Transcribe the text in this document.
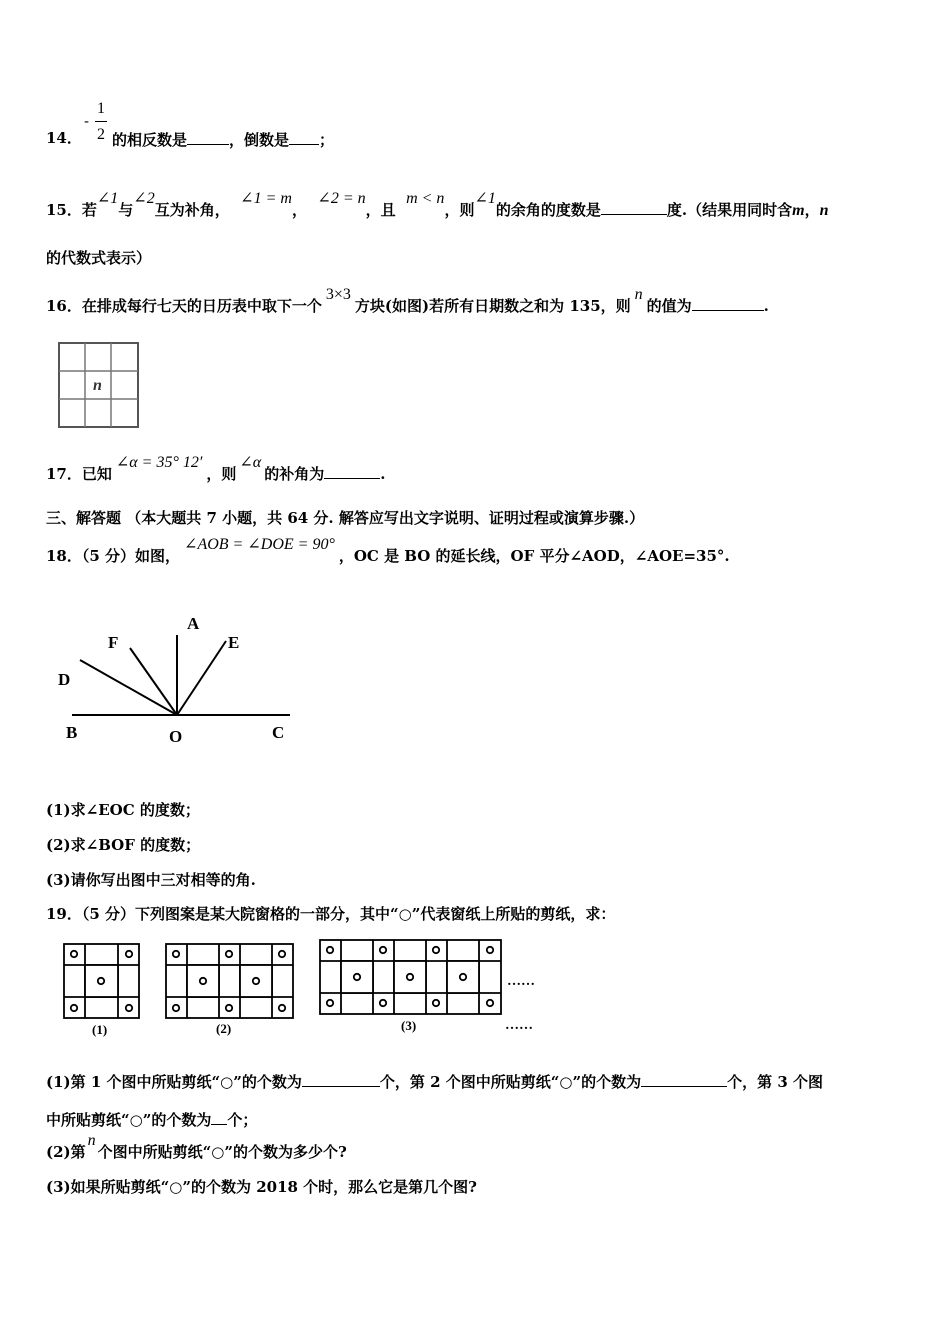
14．
-
1
2 的相反数是	，倒数是 ；
15．若∠1与∠2互为补角，  ∠1 = m，  ∠2 = n，且  m < n，则∠1的余角的度数是	度.（结果用同时含m，n
的代数式表示）
16．在排成每行七天的日历表中取下一个3×3方块(如图)若所有日期数之和为 135，则n的值为	.
n
17．已知∠α = 35° 12′，则∠α的补角为	.
三、解答题 （本大题共 7 小题，共 64 分. 解答应写出文字说明、证明过程或演算步骤.）
18．（5 分）如图，∠AOB = ∠DOE = 90°，OC 是 BO 的延长线，OF 平分∠AOD，∠AOE=35°.
A
F	E
D
B	O	C
(1)求∠EOC 的度数；
(2)求∠BOF 的度数；
(3)请你写出图中三对相等的角.
19．（5 分）下列图案是某大院窗格的一部分，其中“○”代表窗纸上所贴的剪纸，求：
(1)	(2)	(3)
……
……
(1)第 1 个图中所贴剪纸“○”的个数为	个，第 2 个图中所贴剪纸“○”的个数为	个，第 3 个图
中所贴剪纸“○”的个数为 个；
(2)第n个图中所贴剪纸“○”的个数为多少个?
(3)如果所贴剪纸“○”的个数为 2018 个时，那么它是第几个图?
